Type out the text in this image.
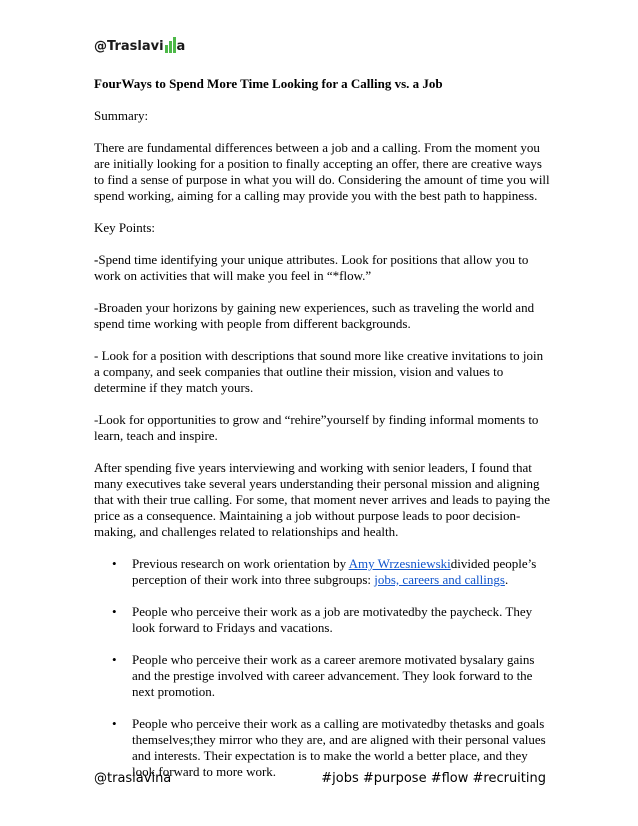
@Traslavi a

FourWays to Spend More Time Looking for a Calling vs. a Job

Summary:

There are fundamental differences between a job and a calling. From the moment you are initially looking for a position to finally accepting an offer, there are creative ways to find a sense of purpose in what you will do. Considering the amount of time you will spend working, aiming for a calling may provide you with the best path to happiness.

Key Points:

-Spend time identifying your unique attributes. Look for positions that allow you to work on activities that will make you feel in “*flow.”

-Broaden your horizons by gaining new experiences, such as traveling the world and spend time working with people from different backgrounds.

- Look for a position with descriptions that sound more like creative invitations to join a company, and seek companies that outline their mission, vision and values to determine if they match yours.

-Look for opportunities to grow and “rehire”yourself by finding informal moments to learn, teach and inspire.

After spending five years interviewing and working with senior leaders, I found that many executives take several years understanding their personal mission and aligning that with their true calling. For some, that moment never arrives and leads to paying the price as a consequence. Maintaining a job without purpose leads to poor decision-making, and challenges related to relationships and health.

• Previous research on work orientation by Amy Wrzesniewskidivided people’s perception of their work into three subgroups: jobs, careers and callings.
• People who perceive their work as a job are motivatedby the paycheck. They look forward to Fridays and vacations.
• People who perceive their work as a career aremore motivated bysalary gains and the prestige involved with career advancement. They look forward to the next promotion.
• People who perceive their work as a calling are motivatedby thetasks and goals themselves;they mirror who they are, and are aligned with their personal values and interests. Their expectation is to make the world a better place, and they look forward to more work.
@traslavina	#jobs #purpose #flow #recruiting
